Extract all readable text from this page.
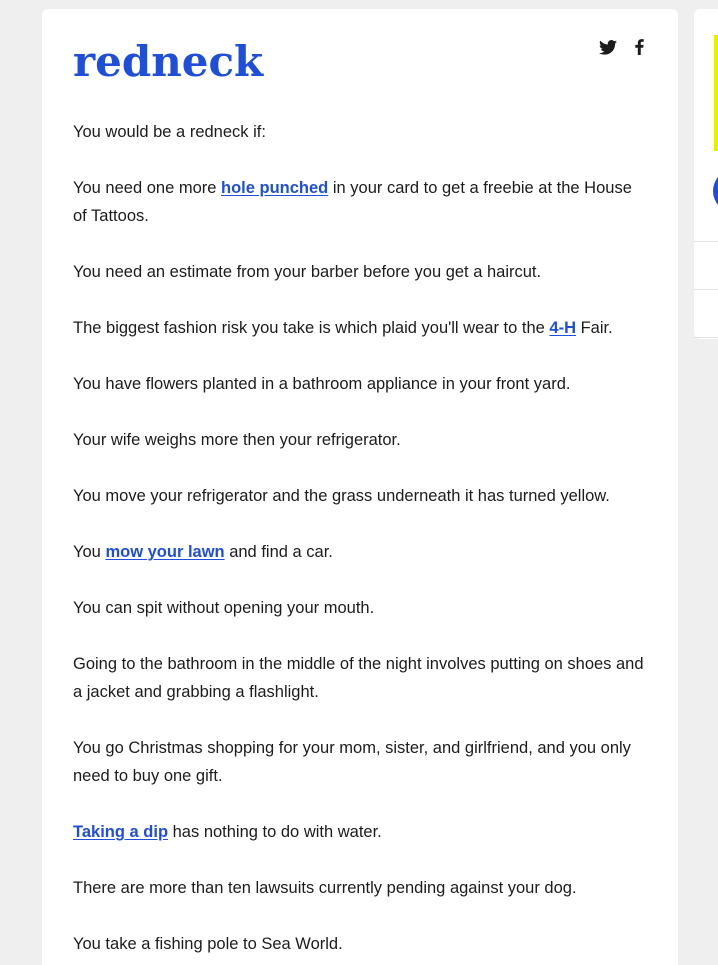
redneck

You would be a redneck if:

You need one more hole punched in your card to get a freebie at the House of Tattoos.

You need an estimate from your barber before you get a haircut.

The biggest fashion risk you take is which plaid you'll wear to the 4-H Fair.

You have flowers planted in a bathroom appliance in your front yard.

Your wife weighs more then your refrigerator.

You move your refrigerator and the grass underneath it has turned yellow.

You mow your lawn and find a car.

You can spit without opening your mouth.

Going to the bathroom in the middle of the night involves putting on shoes and a jacket and grabbing a flashlight.

You go Christmas shopping for your mom, sister, and girlfriend, and you only need to buy one gift.

Taking a dip has nothing to do with water.

There are more than ten lawsuits currently pending against your dog.

You take a fishing pole to Sea World.
